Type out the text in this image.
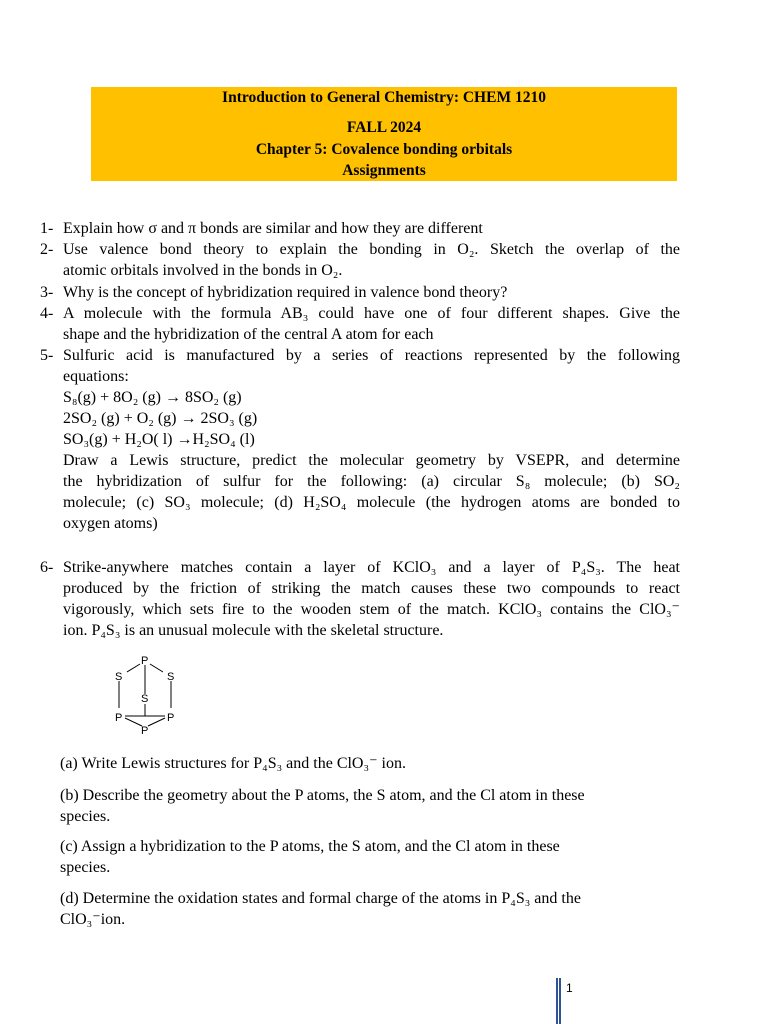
Introduction to General Chemistry: CHEM 1210
FALL 2024
Chapter 5: Covalence bonding orbitals
Assignments
1- Explain how σ and π bonds are similar and how they are different
2- Use valence bond theory to explain the bonding in O₂. Sketch the overlap of the
atomic orbitals involved in the bonds in O₂.
3- Why is the concept of hybridization required in valence bond theory?
4- A molecule with the formula AB₃ could have one of four different shapes. Give the
shape and the hybridization of the central A atom for each
5- Sulfuric acid is manufactured by a series of reactions represented by the following
equations:
S₈(g) + 8O₂ (g) → 8SO₂ (g)
2SO₂ (g) + O₂ (g) → 2SO₃ (g)
SO₃(g) + H₂O( l) →H₂SO₄ (l)
Draw a Lewis structure, predict the molecular geometry by VSEPR, and determine
the hybridization of sulfur for the following: (a) circular S₈ molecule; (b) SO₂
molecule; (c) SO₃ molecule; (d) H₂SO₄ molecule (the hydrogen atoms are bonded to
oxygen atoms)
6- Strike-anywhere matches contain a layer of KClO₃ and a layer of P₄S₃. The heat
produced by the friction of striking the match causes these two compounds to react
vigorously, which sets fire to the wooden stem of the match. KClO₃ contains the ClO₃⁻
ion. P₄S₃ is an unusual molecule with the skeletal structure.
P
S	S
S
P	P
P
(a) Write Lewis structures for P₄S₃ and the ClO₃⁻ ion.
(b) Describe the geometry about the P atoms, the S atom, and the Cl atom in these
species.
(c) Assign a hybridization to the P atoms, the S atom, and the Cl atom in these
species.
(d) Determine the oxidation states and formal charge of the atoms in P₄S₃ and the
ClO₃⁻ion.
1
